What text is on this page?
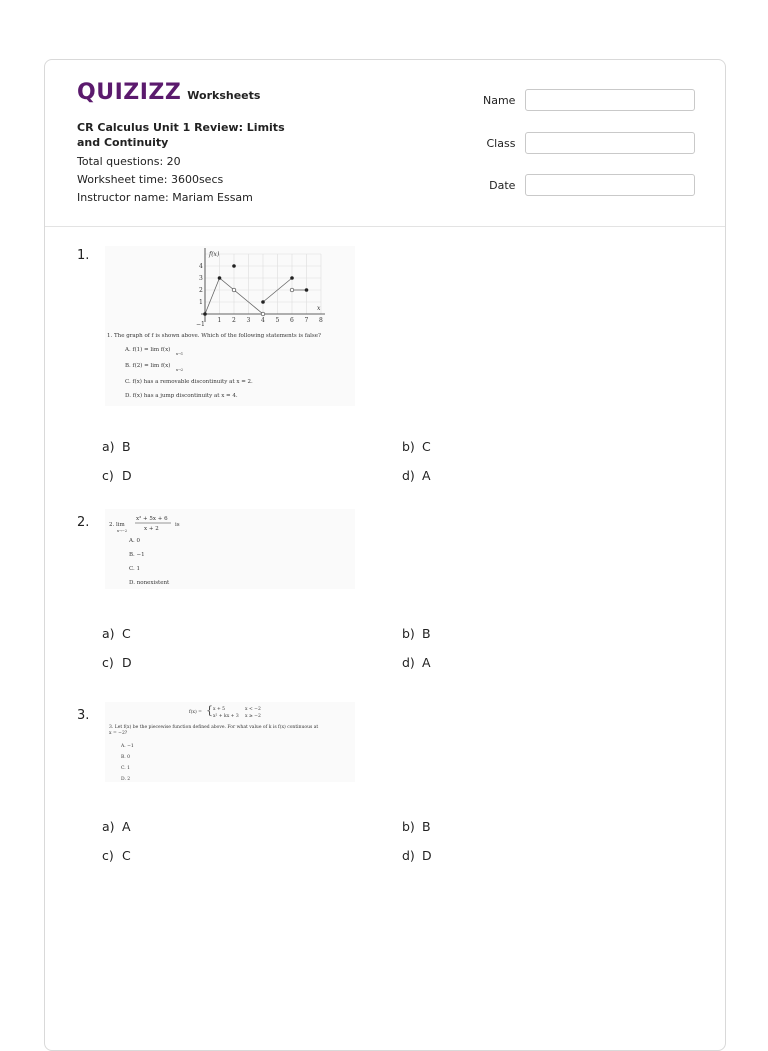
QUIZIZZ Worksheets
CR Calculus Unit 1 Review: Limits and Continuity
Total questions: 20
Worksheet time: 3600secs
Instructor name: Mariam Essam
Name
Class
Date
1.
4
3
2
1
−1
1 2 3 4 5 6 7 8
f(x)
x
1. The graph of f is shown above. Which of the following statements is false?
A. f(1) = lim f(x)
x→1
B. f(2) = lim f(x)
x→2
C. f(x) has a removable discontinuity at x = 2.
D. f(x) has a jump discontinuity at x = 4.
a) B	b) C
c) D	d) A
2.	2. lim
x→−2
x² + 5x + 6
x + 2
is
A. 0
B. −1
C. 1
D. nonexistent
a) C	b) B
c) D	d) A
3.	f(x) = { x + 5	x < −2
x² + kx + 3 x ≥ −2
3. Let f(x) be the piecewise function defined above. For what value of k is f(x) continuous at
x = −2?
A. −1
B. 0
C. 1
D. 2
a) A	b) B
c) C	d) D
